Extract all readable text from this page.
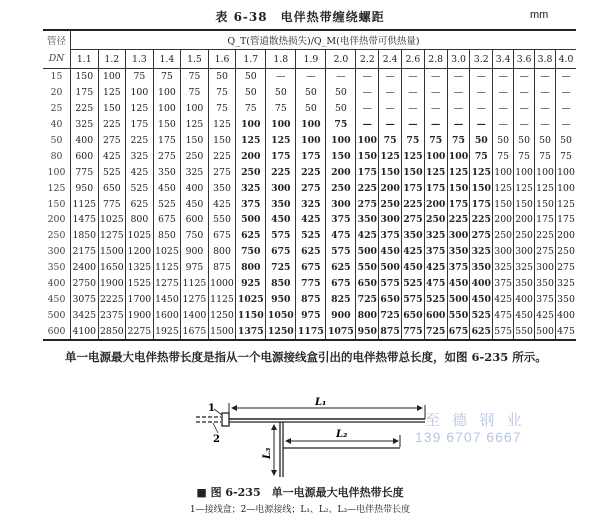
表 6-38　电伴热带缠绕螺距	mm
管径	Q_T(管道散热损失)/Q_M(电伴热带可供热量)																			
DN	1.1	1.2	1.3	1.4	1.5	1.6	1.7	1.8	1.9	2.0	2.2	2.4	2.6	2.8	3.0	3.2	3.4	3.6	3.8	4.0
15	150	100	75	75	75	50	50	—	—	—	—	—	—	—	—	—	—	—	—	—
20	175	125	100	100	75	75	50	50	50	50	—	—	—	—	—	—	—	—	—	—
25	225	150	125	100	100	75	75	75	50	50	—	—	—	—	—	—	—	—	—	—
40	325	225	175	150	125	125	100	100	100	75	—	—	—	—	—	—	—	—	—	—
50	400	275	225	175	150	150	125	125	100	100	100	75	75	75	75	50	50	50	50	50
80	600	425	325	275	250	225	200	175	175	150	150	125	125	100	100	75	75	75	75	75
100	775	525	425	350	325	275	250	225	225	200	175	150	150	125	125	125	100	100	100	100
125	950	650	525	450	400	350	325	300	275	250	225	200	175	175	150	150	125	125	125	100
150	1125	775	625	525	450	425	375	350	325	300	275	250	225	200	175	175	150	150	150	125
200	1475	1025	800	675	600	550	500	450	425	375	350	300	275	250	225	225	200	200	175	175
250	1850	1275	1025	850	750	675	625	575	525	475	425	375	350	325	300	275	250	250	225	200
300	2175	1500	1200	1025	900	800	750	675	625	575	500	450	425	375	350	325	300	300	275	250
350	2400	1650	1325	1125	975	875	800	725	675	625	550	500	450	425	375	350	325	325	300	275
400	2750	1900	1525	1275	1125	1000	925	850	775	675	650	575	525	475	450	400	375	350	350	325
450	3075	2225	1700	1450	1275	1125	1025	950	875	825	725	650	575	525	500	450	425	400	375	350
500	3425	2375	1900	1600	1400	1250	1150	1050	975	900	800	725	650	600	550	525	475	450	425	400
600	4100	2850	2275	1925	1675	1500	1375	1250	1175	1075	950	875	775	725	675	625	575	550	500	475
单一电源最大电伴热带长度是指从一个电源接线盒引出的电伴热带总长度，如图 6-235 所示。
1
2
L₁
L₂
L₃
至 德 钢 业
139 6707 6667
■ 图 6-235　单一电源最大电伴热带长度
1—接线盒；2—电源接线；L₁、L₂、L₃—电伴热带长度
